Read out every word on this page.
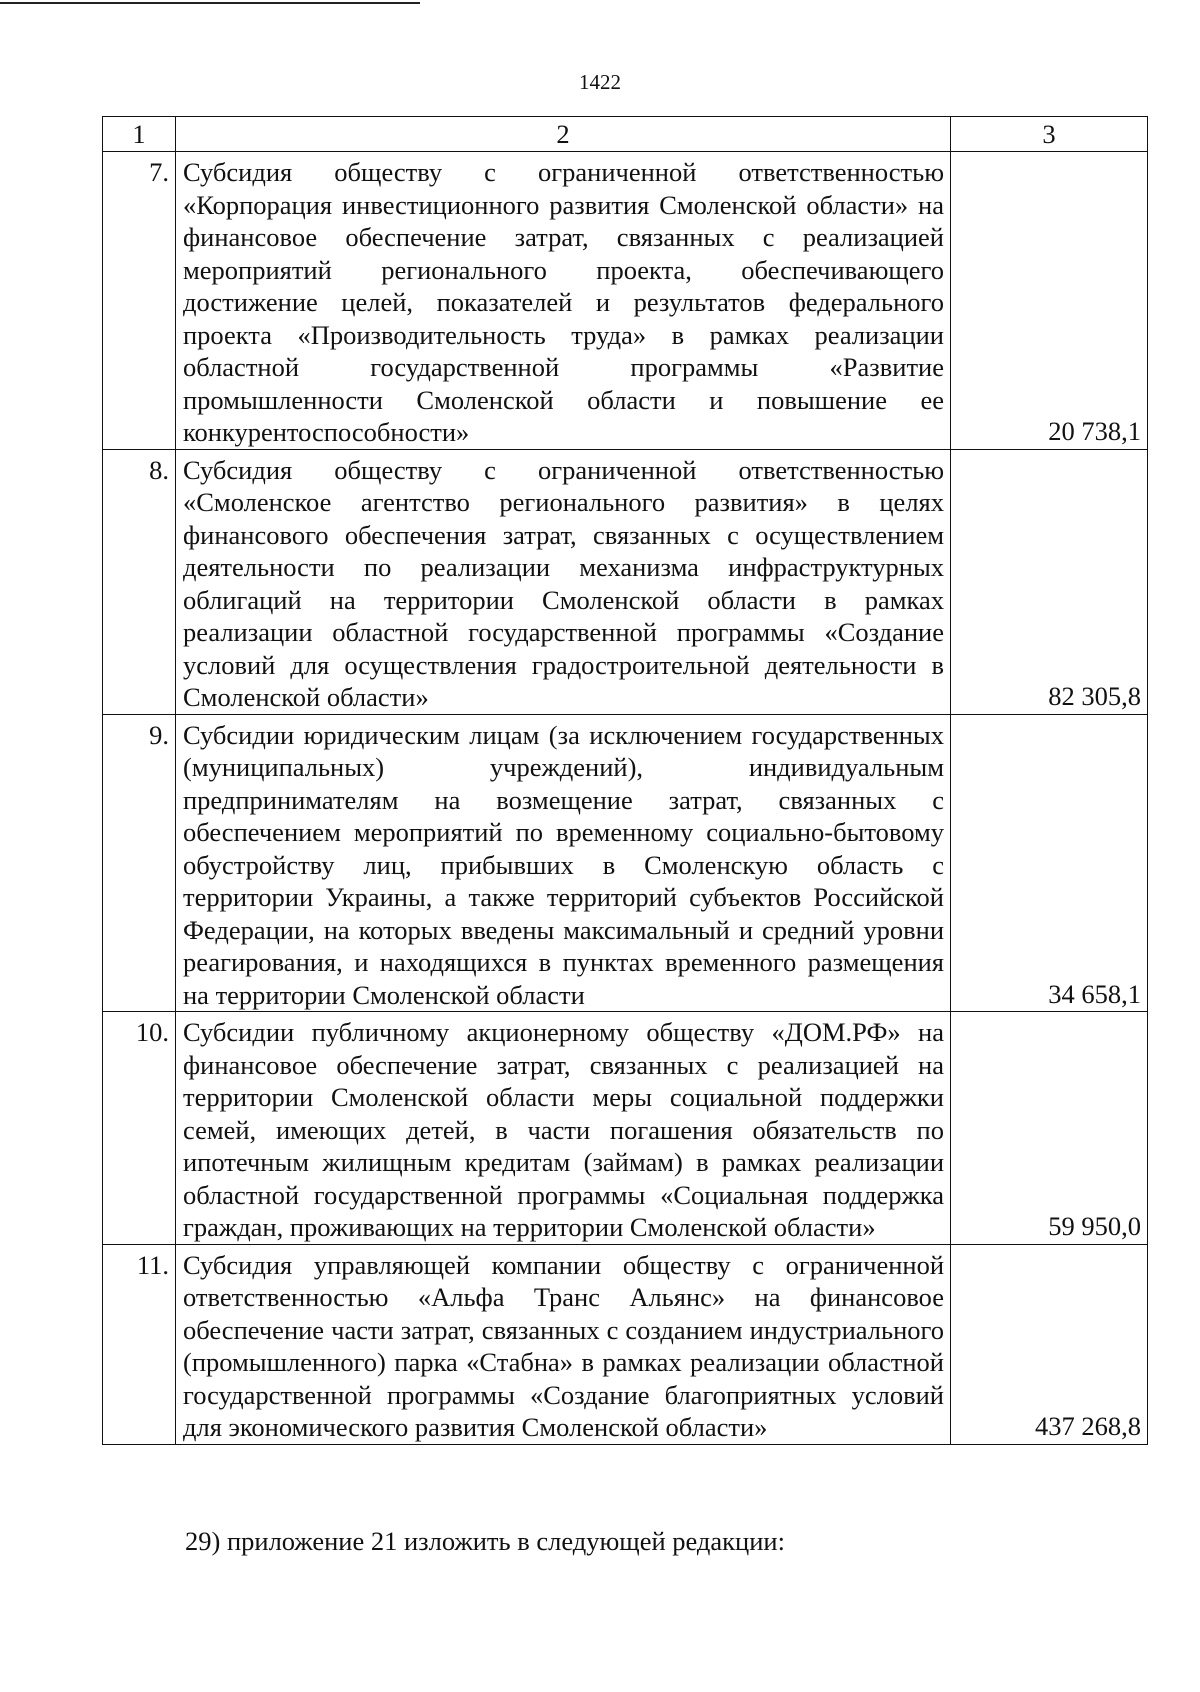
1422
1	2	3
7.	Субсидия обществу с ограниченной ответственностью «Корпорация инвестиционного развития Смоленской области» на финансовое обеспечение затрат, связанных с реализацией мероприятий регионального проекта, обеспечивающего достижение целей, показателей и результатов федерального проекта «Производительность труда» в рамках реализации областной государственной программы «Развитие промышленности Смоленской области и повышение ее конкурентоспособности»	20 738,1
8.	Субсидия обществу с ограниченной ответственностью «Смоленское агентство регионального развития» в целях финансового обеспечения затрат, связанных с осуществлением деятельности по реализации механизма инфраструктурных облигаций на территории Смоленской области в рамках реализации областной государственной программы «Создание условий для осуществления градостроительной деятельности в Смоленской области»	82 305,8
9.	Субсидии юридическим лицам (за исключением государственных (муниципальных) учреждений), индивидуальным предпринимателям на возмещение затрат, связанных с обеспечением мероприятий по временному социально-бытовому обустройству лиц, прибывших в Смоленскую область с территории Украины, а также территорий субъектов Российской Федерации, на которых введены максимальный и средний уровни реагирования, и находящихся в пунктах временного размещения на территории Смоленской области	34 658,1
10.	Субсидии публичному акционерному обществу «ДОМ.РФ» на финансовое обеспечение затрат, связанных с реализацией на территории Смоленской области меры социальной поддержки семей, имеющих детей, в части погашения обязательств по ипотечным жилищным кредитам (займам) в рамках реализации областной государственной программы «Социальная поддержка граждан, проживающих на территории Смоленской области»	59 950,0
11.	Субсидия управляющей компании обществу с ограниченной ответственностью «Альфа Транс Альянс» на финансовое обеспечение части затрат, связанных с созданием индустриального (промышленного) парка «Стабна» в рамках реализации областной государственной программы «Создание благоприятных условий для экономического развития Смоленской области»	437 268,8
29) приложение 21 изложить в следующей редакции:
